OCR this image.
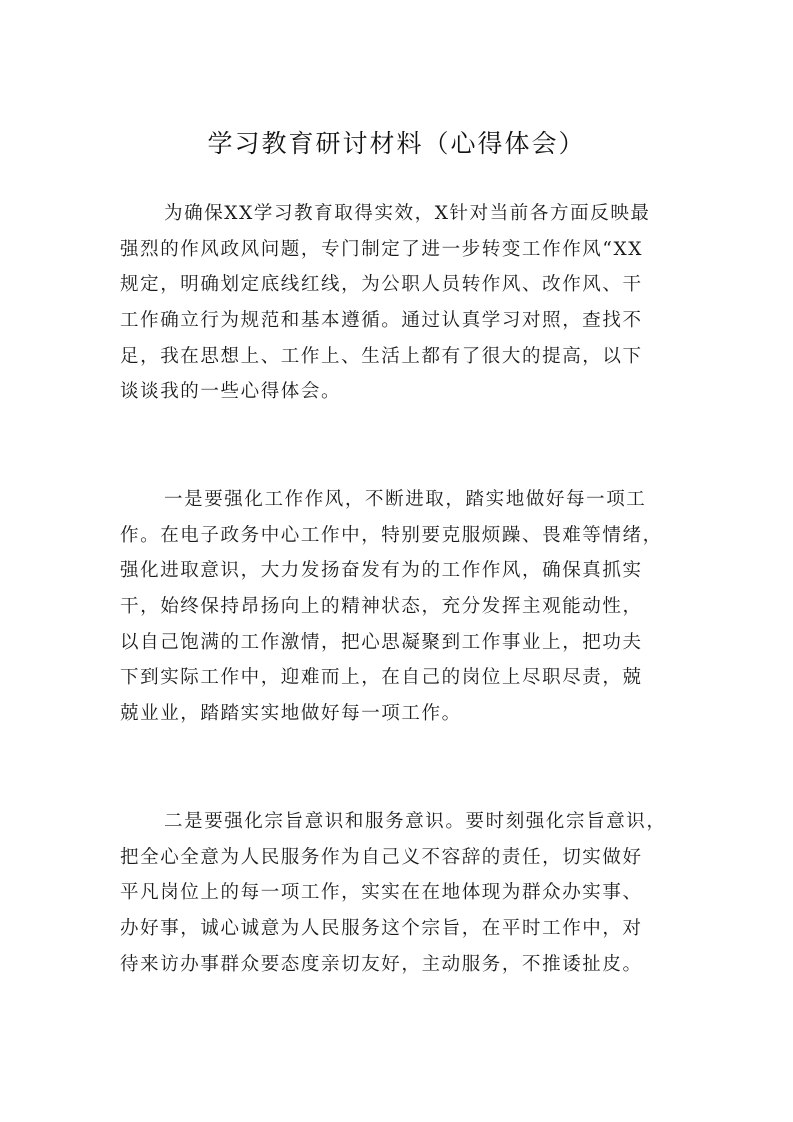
学习教育研讨材料（心得体会）
为确保XX学习教育取得实效，X针对当前各方面反映最
强烈的作风政风问题，专门制定了进一步转变工作作风“XX
规定，明确划定底线红线，为公职人员转作风、改作风、干
工作确立行为规范和基本遵循。通过认真学习对照，查找不
足，我在思想上、工作上、生活上都有了很大的提高，以下
谈谈我的一些心得体会。
一是要强化工作作风，不断进取，踏实地做好每一项工
作。在电子政务中心工作中，特别要克服烦躁、畏难等情绪，
强化进取意识，大力发扬奋发有为的工作作风，确保真抓实
干，始终保持昂扬向上的精神状态，充分发挥主观能动性，
以自己饱满的工作激情，把心思凝聚到工作事业上，把功夫
下到实际工作中，迎难而上，在自己的岗位上尽职尽责，兢
兢业业，踏踏实实地做好每一项工作。
二是要强化宗旨意识和服务意识。要时刻强化宗旨意识，
把全心全意为人民服务作为自己义不容辞的责任，切实做好
平凡岗位上的每一项工作，实实在在地体现为群众办实事、
办好事，诚心诚意为人民服务这个宗旨，在平时工作中，对
待来访办事群众要态度亲切友好，主动服务，不推诿扯皮。
